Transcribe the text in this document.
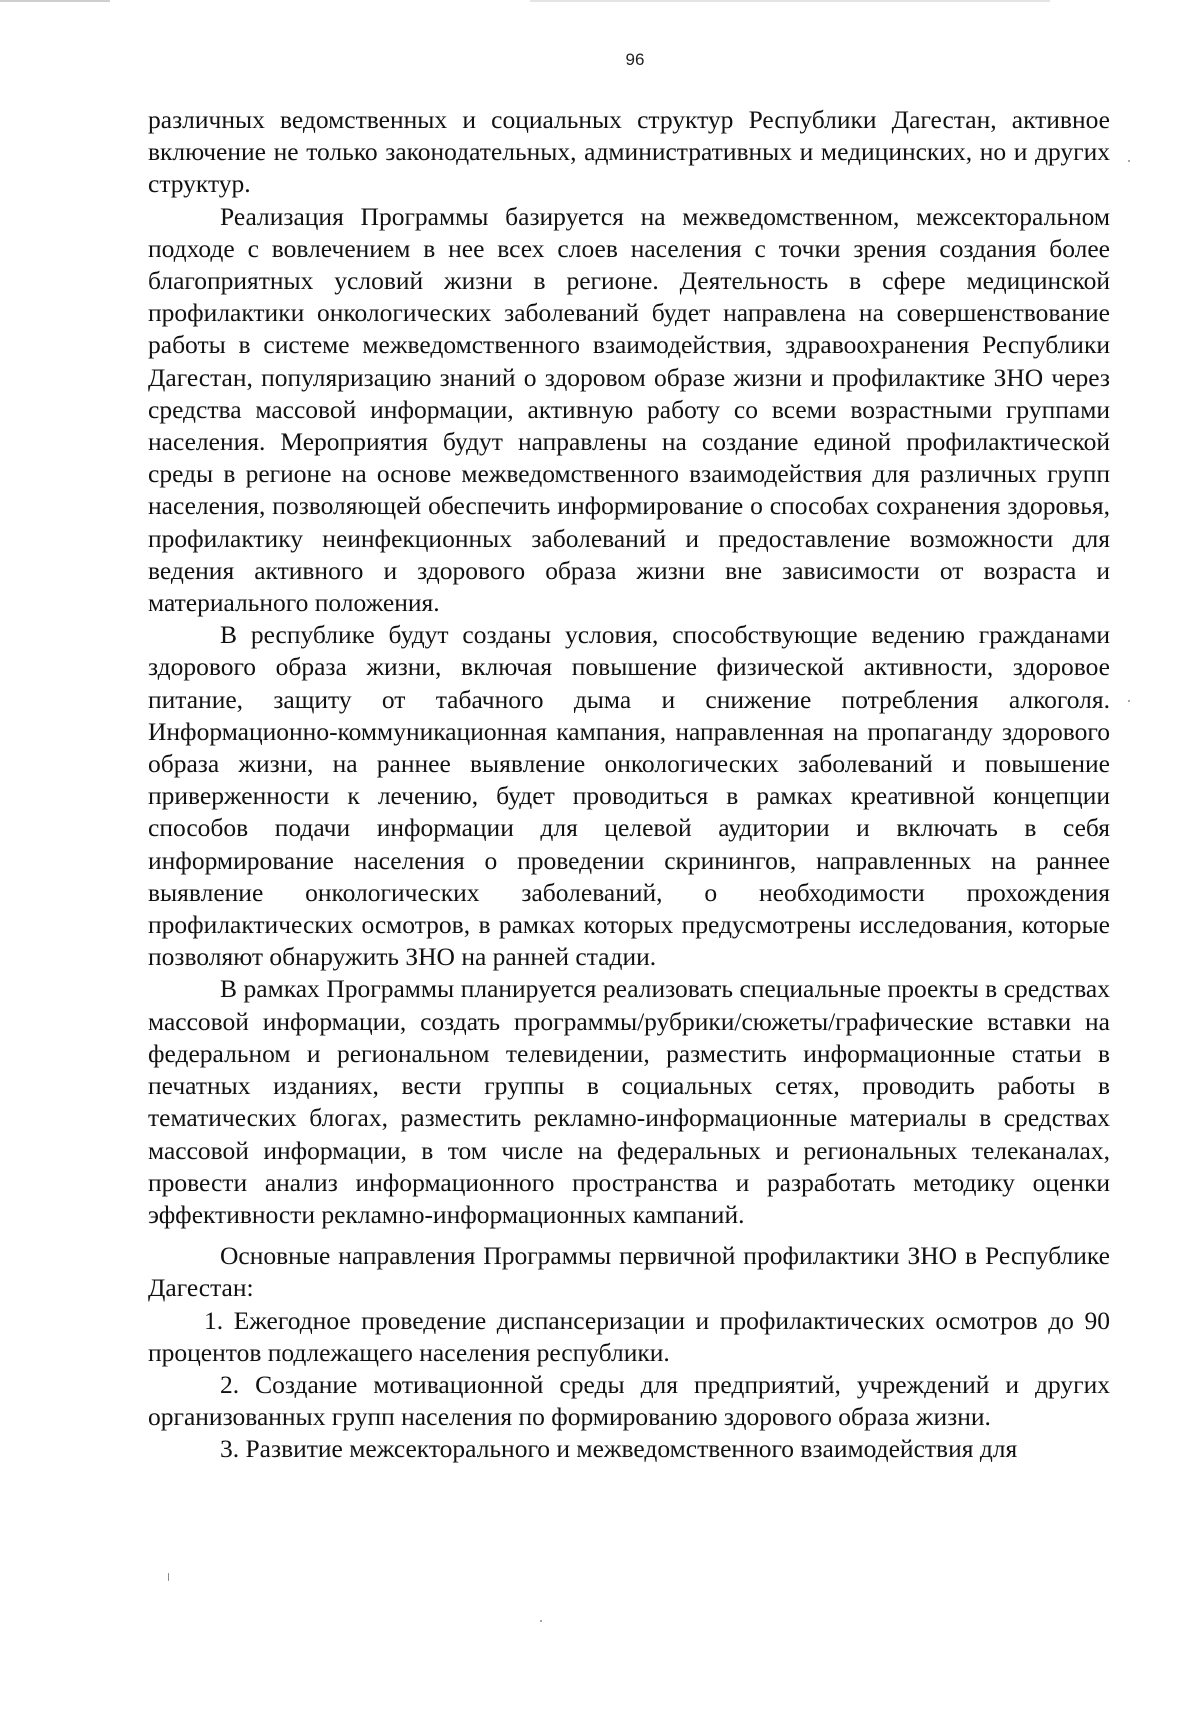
96

различных ведомственных и социальных структур Республики Дагестан, активное включение не только законодательных, административных и медицинских, но и других структур.

Реализация Программы базируется на межведомственном, межсекторальном подходе с вовлечением в нее всех слоев населения с точки зрения создания более благоприятных условий жизни в регионе. Деятельность в сфере медицинской профилактики онкологических заболеваний будет направлена на совершенствование работы в системе межведомственного взаимодействия, здравоохранения Республики Дагестан, популяризацию знаний о здоровом образе жизни и профилактике ЗНО через средства массовой информации, активную работу со всеми возрастными группами населения. Мероприятия будут направлены на создание единой профилактической среды в регионе на основе межведомственного взаимодействия для различных групп населения, позволяющей обеспечить информирование о способах сохранения здоровья, профилактику неинфекционных заболеваний и предоставление возможности для ведения активного и здорового образа жизни вне зависимости от возраста и материального положения.

В республике будут созданы условия, способствующие ведению гражданами здорового образа жизни, включая повышение физической активности, здоровое питание, защиту от табачного дыма и снижение потребления алкоголя. Информационно-коммуникационная кампания, направленная на пропаганду здорового образа жизни, на раннее выявление онкологических заболеваний и повышение приверженности к лечению, будет проводиться в рамках креативной концепции способов подачи информации для целевой аудитории и включать в себя информирование населения о проведении скринингов, направленных на раннее выявление онкологических заболеваний, о необходимости прохождения профилактических осмотров, в рамках которых предусмотрены исследования, которые позволяют обнаружить ЗНО на ранней стадии.

В рамках Программы планируется реализовать специальные проекты в средствах массовой информации, создать программы/рубрики/сюжеты/графические вставки на федеральном и региональном телевидении, разместить информационные статьи в печатных изданиях, вести группы в социальных сетях, проводить работы в тематических блогах, разместить рекламно-информационные материалы в средствах массовой информации, в том числе на федеральных и региональных телеканалах, провести анализ информационного пространства и разработать методику оценки эффективности рекламно-информационных кампаний.

Основные направления Программы первичной профилактики ЗНО в Республике Дагестан:

1. Ежегодное проведение диспансеризации и профилактических осмотров до 90 процентов подлежащего населения республики.

2. Создание мотивационной среды для предприятий, учреждений и других организованных групп населения по формированию здорового образа жизни.

3. Развитие межсекторального и межведомственного взаимодействия для
